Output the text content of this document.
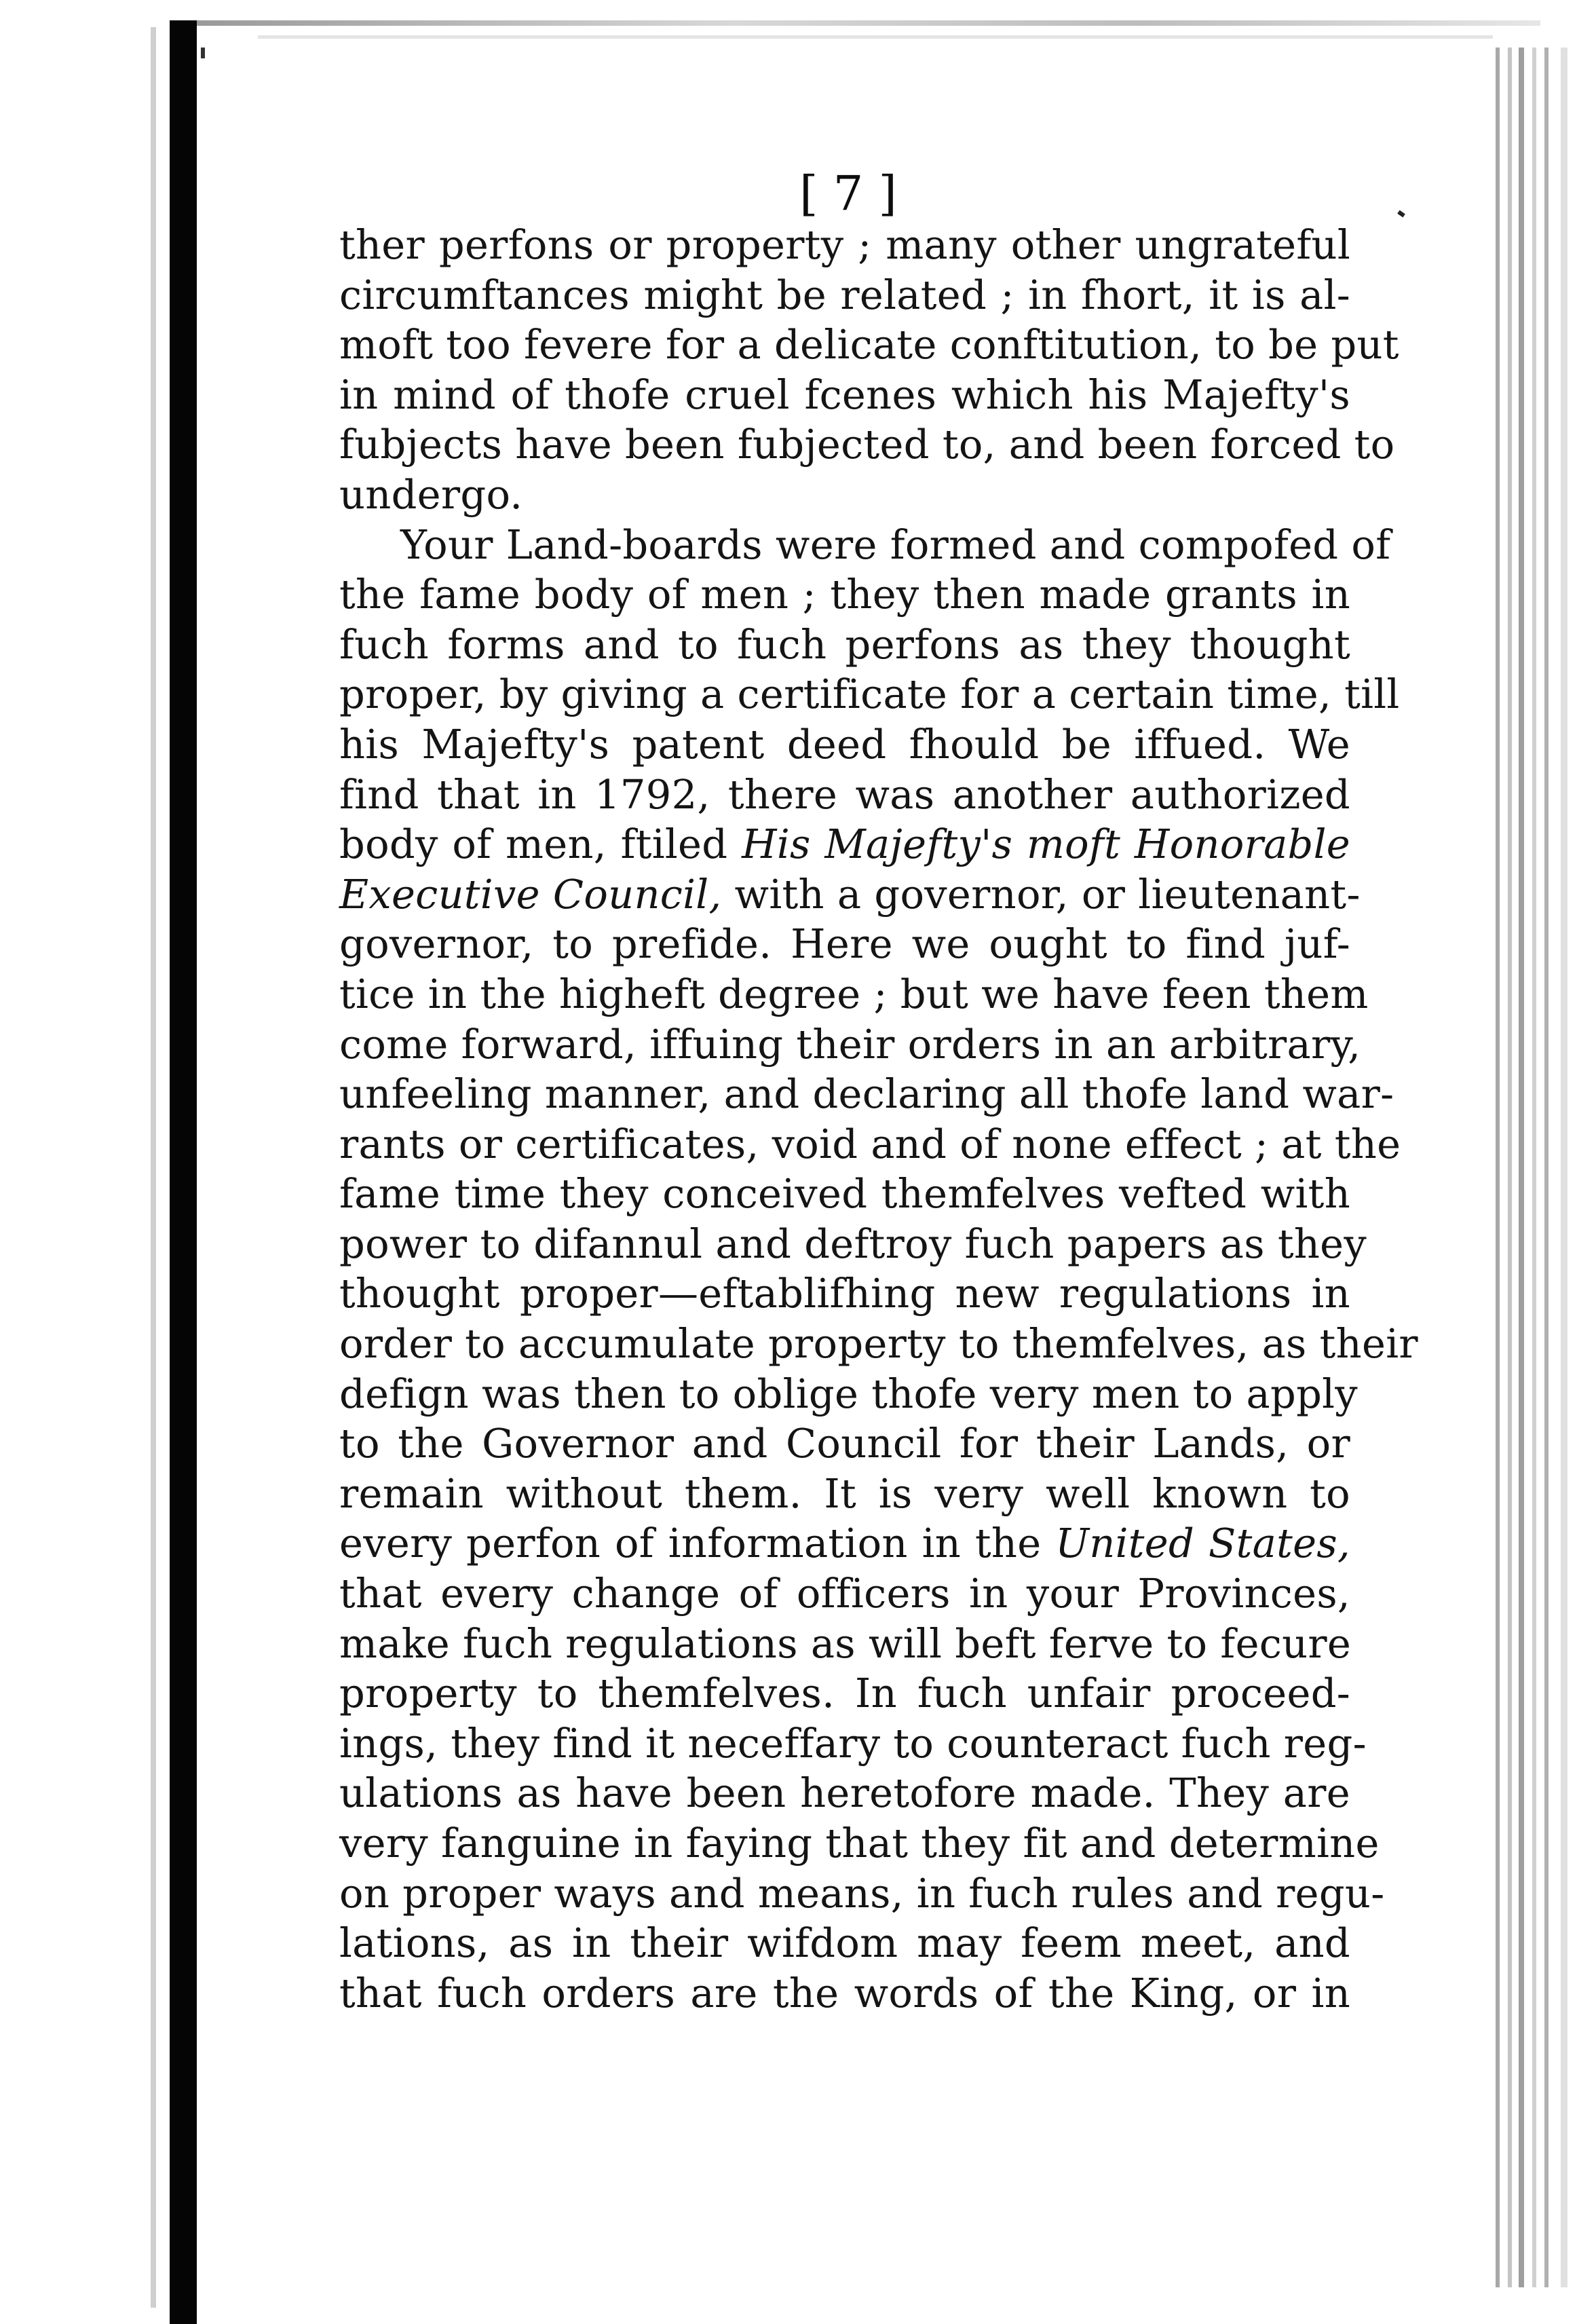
[ 7 ]
ther perfons or property ; many other ungrateful
circumftances might be related ; in fhort, it is al-
moft too fevere for a delicate conftitution, to be put
in mind of thofe cruel fcenes which his Majefty's
fubjects have been fubjected to, and been forced to
undergo.
Your Land-boards were formed and compofed of
the fame body of men ; they then made grants in
fuch forms and to fuch perfons as they thought
proper, by giving a certificate for a certain time, till
his Majefty's patent deed fhould be iffued. We
find that in 1792, there was another authorized
body of men, ftiled His Majefty's moft Honorable
Executive Council, with a governor, or lieutenant-
governor, to prefide. Here we ought to find juf-
tice in the higheft degree ; but we have feen them
come forward, iffuing their orders in an arbitrary,
unfeeling manner, and declaring all thofe land war-
rants or certificates, void and of none effect ; at the
fame time they conceived themfelves vefted with
power to difannul and deftroy fuch papers as they
thought proper—eftablifhing new regulations in
order to accumulate property to themfelves, as their
defign was then to oblige thofe very men to apply
to the Governor and Council for their Lands, or
remain without them. It is very well known to
every perfon of information in the United States,
that every change of officers in your Provinces,
make fuch regulations as will beft ferve to fecure
property to themfelves. In fuch unfair proceed-
ings, they find it neceffary to counteract fuch reg-
ulations as have been heretofore made. They are
very fanguine in faying that they fit and determine
on proper ways and means, in fuch rules and regu-
lations, as in their wifdom may feem meet, and
that fuch orders are the words of the King, or in
